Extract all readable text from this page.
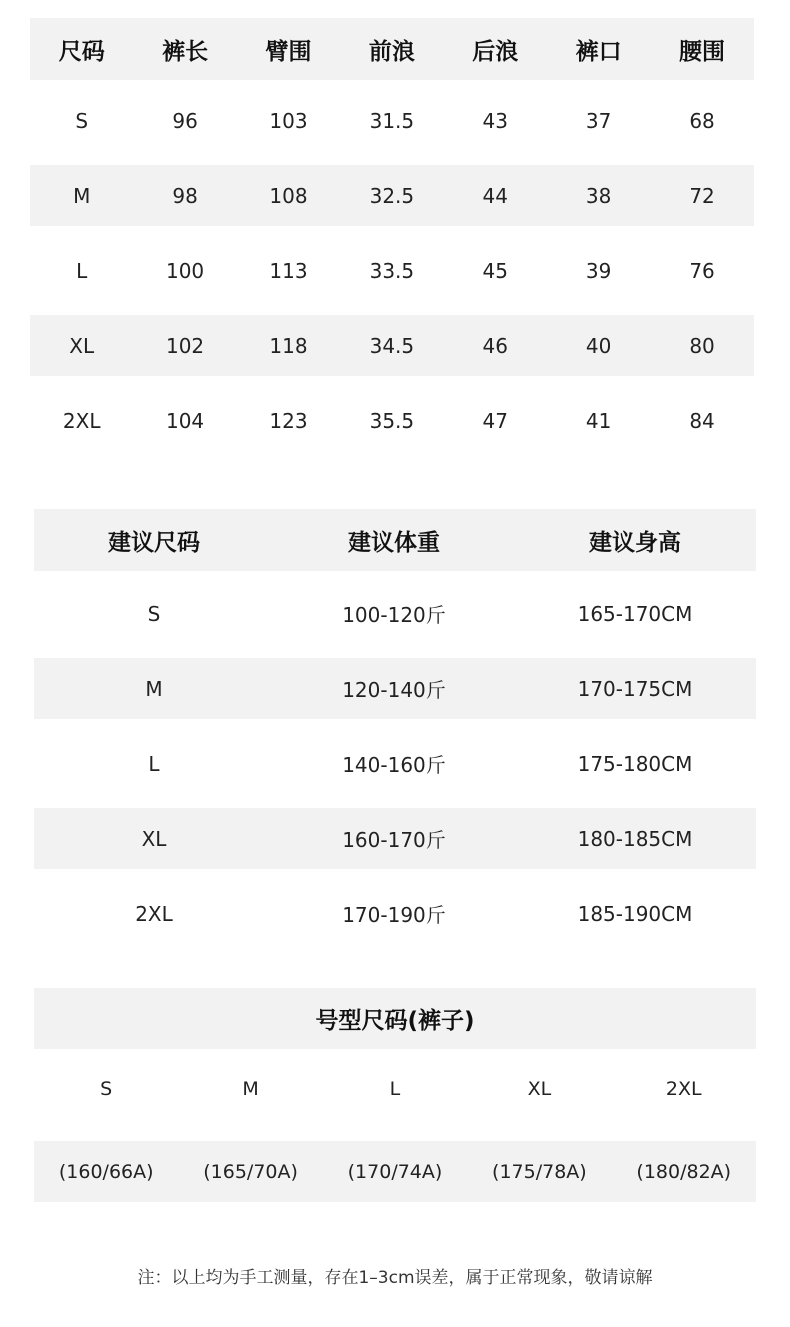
尺码	裤长	臂围	前浪	后浪	裤口	腰围
S	96	103	31.5	43	37	68
M	98	108	32.5	44	38	72
L	100	113	33.5	45	39	76
XL	102	118	34.5	46	40	80
2XL	104	123	35.5	47	41	84
建议尺码	建议体重	建议身高
S	100-120斤	165-170CM
M	120-140斤	170-175CM
L	140-160斤	175-180CM
XL	160-170斤	180-185CM
2XL	170-190斤	185-190CM
号型尺码(裤子)
S	M	L	XL	2XL
(160/66A)	(165/70A)	(170/74A)	(175/78A)	(180/82A)
注：以上均为手工测量，存在1–3cm误差，属于正常现象，敬请谅解
